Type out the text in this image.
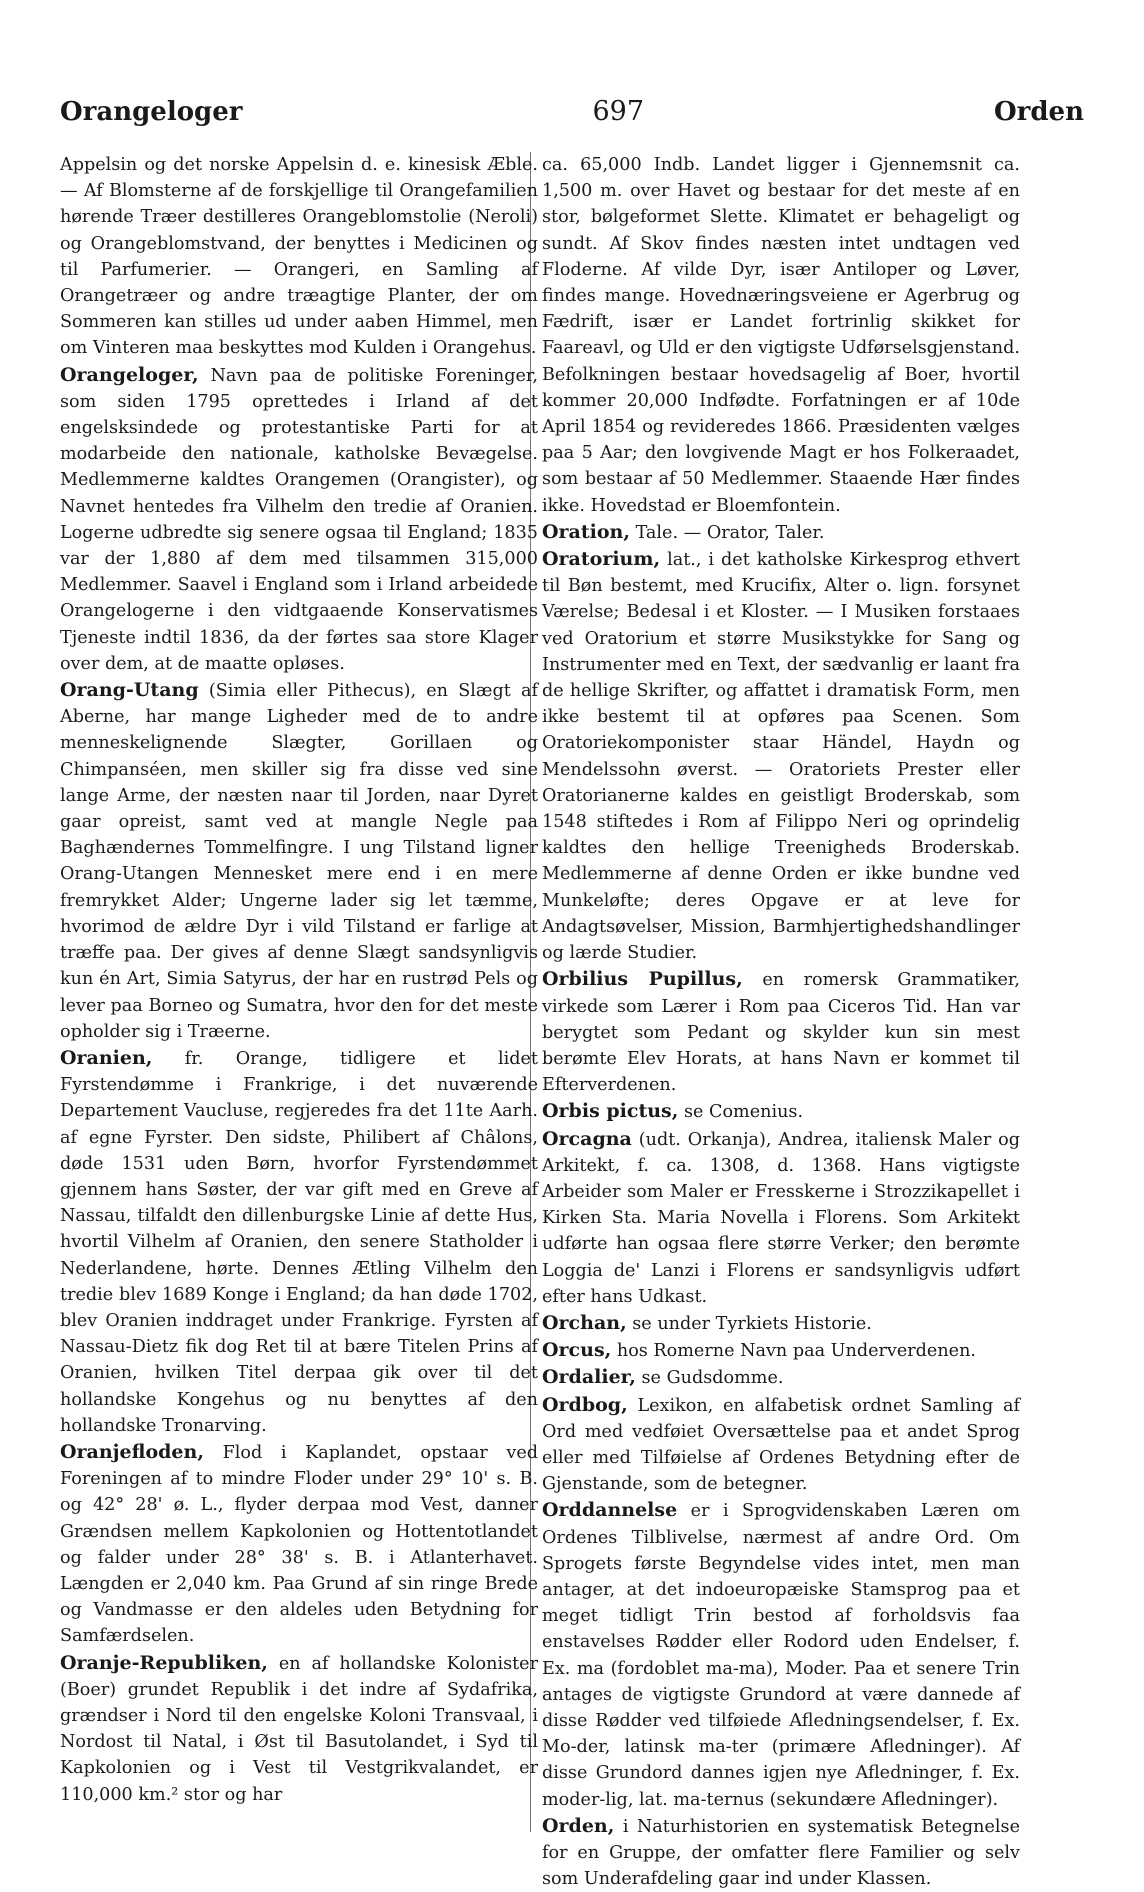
Orangeloger	697	Orden

Appelsin og det norske Appelsin d. e. kinesisk Æble. — Af Blomsterne af de forskjellige til Orangefamilien hørende Træer destilleres Orangeblomstolie (Neroli) og Orangeblomstvand, der benyttes i Medicinen og til Parfumerier. — Orangeri, en Samling af Orangetræer og andre træagtige Planter, der om Sommeren kan stilles ud under aaben Himmel, men om Vinteren maa beskyttes mod Kulden i Orangehus.

Orangeloger, Navn paa de politiske Foreninger, som siden 1795 oprettedes i Irland af det engelsksindede og protestantiske Parti for at modarbeide den nationale, katholske Bevægelse. Medlemmerne kaldtes Orangemen (Orangister), og Navnet hentedes fra Vilhelm den tredie af Oranien. Logerne udbredte sig senere ogsaa til England; 1835 var der 1,880 af dem med tilsammen 315,000 Medlemmer. Saavel i England som i Irland arbeidede Orangelogerne i den vidtgaaende Konservatismes Tjeneste indtil 1836, da der førtes saa store Klager over dem, at de maatte opløses.

Orang-Utang (Simia eller Pithecus), en Slægt af Aberne, har mange Ligheder med de to andre menneskelignende Slægter, Gorillaen og Chimpanséen, men skiller sig fra disse ved sine lange Arme, der næsten naar til Jorden, naar Dyret gaar opreist, samt ved at mangle Negle paa Baghændernes Tommelfingre. I ung Tilstand ligner Orang-Utangen Mennesket mere end i en mere fremrykket Alder; Ungerne lader sig let tæmme, hvorimod de ældre Dyr i vild Tilstand er farlige at træffe paa. Der gives af denne Slægt sandsynligvis kun én Art, Simia Satyrus, der har en rustrød Pels og lever paa Borneo og Sumatra, hvor den for det meste opholder sig i Træerne.

Oranien, fr. Orange, tidligere et lidet Fyrstendømme i Frankrige, i det nuværende Departement Vaucluse, regjeredes fra det 11te Aarh. af egne Fyrster. Den sidste, Philibert af Châlons, døde 1531 uden Børn, hvorfor Fyrstendømmet gjennem hans Søster, der var gift med en Greve af Nassau, tilfaldt den dillenburgske Linie af dette Hus, hvortil Vilhelm af Oranien, den senere Statholder i Nederlandene, hørte. Dennes Ætling Vilhelm den tredie blev 1689 Konge i England; da han døde 1702, blev Oranien inddraget under Frankrige. Fyrsten af Nassau-Dietz fik dog Ret til at bære Titelen Prins af Oranien, hvilken Titel derpaa gik over til det hollandske Kongehus og nu benyttes af den hollandske Tronarving.

Oranjefloden, Flod i Kaplandet, opstaar ved Foreningen af to mindre Floder under 29° 10' s. B. og 42° 28' ø. L., flyder derpaa mod Vest, danner Grændsen mellem Kapkolonien og Hottentotlandet og falder under 28° 38' s. B. i Atlanterhavet. Længden er 2,040 km. Paa Grund af sin ringe Brede og Vandmasse er den aldeles uden Betydning for Samfærdselen.

Oranje-Republiken, en af hollandske Kolonister (Boer) grundet Republik i det indre af Sydafrika, grændser i Nord til den engelske Koloni Transvaal, i Nordost til Natal, i Øst til Basutolandet, i Syd til Kapkolonien og i Vest til Vestgrikvalandet, er 110,000 km.² stor og har

ca. 65,000 Indb. Landet ligger i Gjennemsnit ca. 1,500 m. over Havet og bestaar for det meste af en stor, bølgeformet Slette. Klimatet er behageligt og sundt. Af Skov findes næsten intet undtagen ved Floderne. Af vilde Dyr, især Antiloper og Løver, findes mange. Hovednæringsveiene er Agerbrug og Fædrift, især er Landet fortrinlig skikket for Faareavl, og Uld er den vigtigste Udførselsgjenstand. Befolkningen bestaar hovedsagelig af Boer, hvortil kommer 20,000 Indfødte. Forfatningen er af 10de April 1854 og revideredes 1866. Præsidenten vælges paa 5 Aar; den lovgivende Magt er hos Folkeraadet, som bestaar af 50 Medlemmer. Staaende Hær findes ikke. Hovedstad er Bloemfontein.

Oration, Tale. — Orator, Taler.

Oratorium, lat., i det katholske Kirkesprog ethvert til Bøn bestemt, med Krucifix, Alter o. lign. forsynet Værelse; Bedesal i et Kloster. — I Musiken forstaaes ved Oratorium et større Musikstykke for Sang og Instrumenter med en Text, der sædvanlig er laant fra de hellige Skrifter, og affattet i dramatisk Form, men ikke bestemt til at opføres paa Scenen. Som Oratoriekomponister staar Händel, Haydn og Mendelssohn øverst. — Oratoriets Prester eller Oratorianerne kaldes en geistligt Broderskab, som 1548 stiftedes i Rom af Filippo Neri og oprindelig kaldtes den hellige Treenigheds Broderskab. Medlemmerne af denne Orden er ikke bundne ved Munkeløfte; deres Opgave er at leve for Andagtsøvelser, Mission, Barmhjertighedshandlinger og lærde Studier.

Orbilius Pupillus, en romersk Grammatiker, virkede som Lærer i Rom paa Ciceros Tid. Han var berygtet som Pedant og skylder kun sin mest berømte Elev Horats, at hans Navn er kommet til Efterverdenen.

Orbis pictus, se Comenius.

Orcagna (udt. Orkanja), Andrea, italiensk Maler og Arkitekt, f. ca. 1308, d. 1368. Hans vigtigste Arbeider som Maler er Fresskerne i Strozzikapellet i Kirken Sta. Maria Novella i Florens. Som Arkitekt udførte han ogsaa flere større Verker; den berømte Loggia de' Lanzi i Florens er sandsynligvis udført efter hans Udkast.

Orchan, se under Tyrkiets Historie.

Orcus, hos Romerne Navn paa Underverdenen.

Ordalier, se Gudsdomme.

Ordbog, Lexikon, en alfabetisk ordnet Samling af Ord med vedføiet Oversættelse paa et andet Sprog eller med Tilføielse af Ordenes Betydning efter de Gjenstande, som de betegner.

Orddannelse er i Sprogvidenskaben Læren om Ordenes Tilblivelse, nærmest af andre Ord. Om Sprogets første Begyndelse vides intet, men man antager, at det indoeuropæiske Stamsprog paa et meget tidligt Trin bestod af forholdsvis faa enstavelses Rødder eller Rodord uden Endelser, f. Ex. ma (fordoblet ma-ma), Moder. Paa et senere Trin antages de vigtigste Grundord at være dannede af disse Rødder ved tilføiede Afledningsendelser, f. Ex. Mo-der, latinsk ma-ter (primære Afledninger). Af disse Grundord dannes igjen nye Afledninger, f. Ex. moder-lig, lat. ma-ternus (sekundære Afledninger).

Orden, i Naturhistorien en systematisk Betegnelse for en Gruppe, der omfatter flere Familier og selv som Underafdeling gaar ind under Klassen.
